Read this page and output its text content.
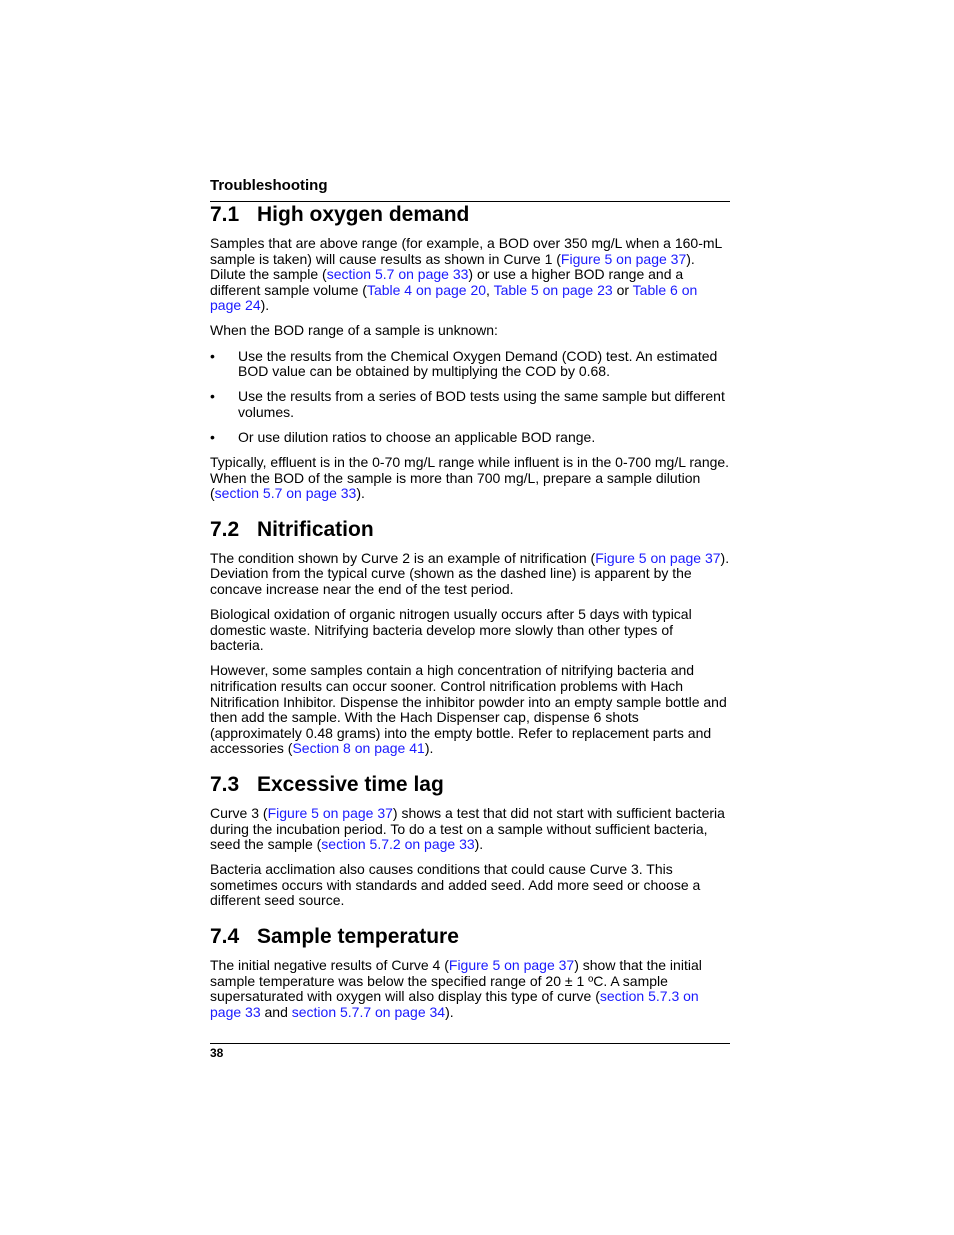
Troubleshooting
7.1 High oxygen demand

Samples that are above range (for example, a BOD over 350 mg/L when a 160-mL sample is taken) will cause results as shown in Curve 1 (Figure 5 on page 37). Dilute the sample (section 5.7 on page 33) or use a higher BOD range and a different sample volume (Table 4 on page 20, Table 5 on page 23 or Table 6 on page 24).

When the BOD range of a sample is unknown:

• Use the results from the Chemical Oxygen Demand (COD) test. An estimated BOD value can be obtained by multiplying the COD by 0.68.
• Use the results from a series of BOD tests using the same sample but different volumes.
• Or use dilution ratios to choose an applicable BOD range.

Typically, effluent is in the 0-70 mg/L range while influent is in the 0-700 mg/L range. When the BOD of the sample is more than 700 mg/L, prepare a sample dilution (section 5.7 on page 33).

7.2 Nitrification

The condition shown by Curve 2 is an example of nitrification (Figure 5 on page 37). Deviation from the typical curve (shown as the dashed line) is apparent by the concave increase near the end of the test period.

Biological oxidation of organic nitrogen usually occurs after 5 days with typical domestic waste. Nitrifying bacteria develop more slowly than other types of bacteria.

However, some samples contain a high concentration of nitrifying bacteria and nitrification results can occur sooner. Control nitrification problems with Hach Nitrification Inhibitor. Dispense the inhibitor powder into an empty sample bottle and then add the sample. With the Hach Dispenser cap, dispense 6 shots (approximately 0.48 grams) into the empty bottle. Refer to replacement parts and accessories (Section 8 on page 41).

7.3 Excessive time lag

Curve 3 (Figure 5 on page 37) shows a test that did not start with sufficient bacteria during the incubation period. To do a test on a sample without sufficient bacteria, seed the sample (section 5.7.2 on page 33).

Bacteria acclimation also causes conditions that could cause Curve 3. This sometimes occurs with standards and added seed. Add more seed or choose a different seed source.

7.4 Sample temperature

The initial negative results of Curve 4 (Figure 5 on page 37) show that the initial sample temperature was below the specified range of 20 ± 1 ºC. A sample supersaturated with oxygen will also display this type of curve (section 5.7.3 on page 33 and section 5.7.7 on page 34).

38
